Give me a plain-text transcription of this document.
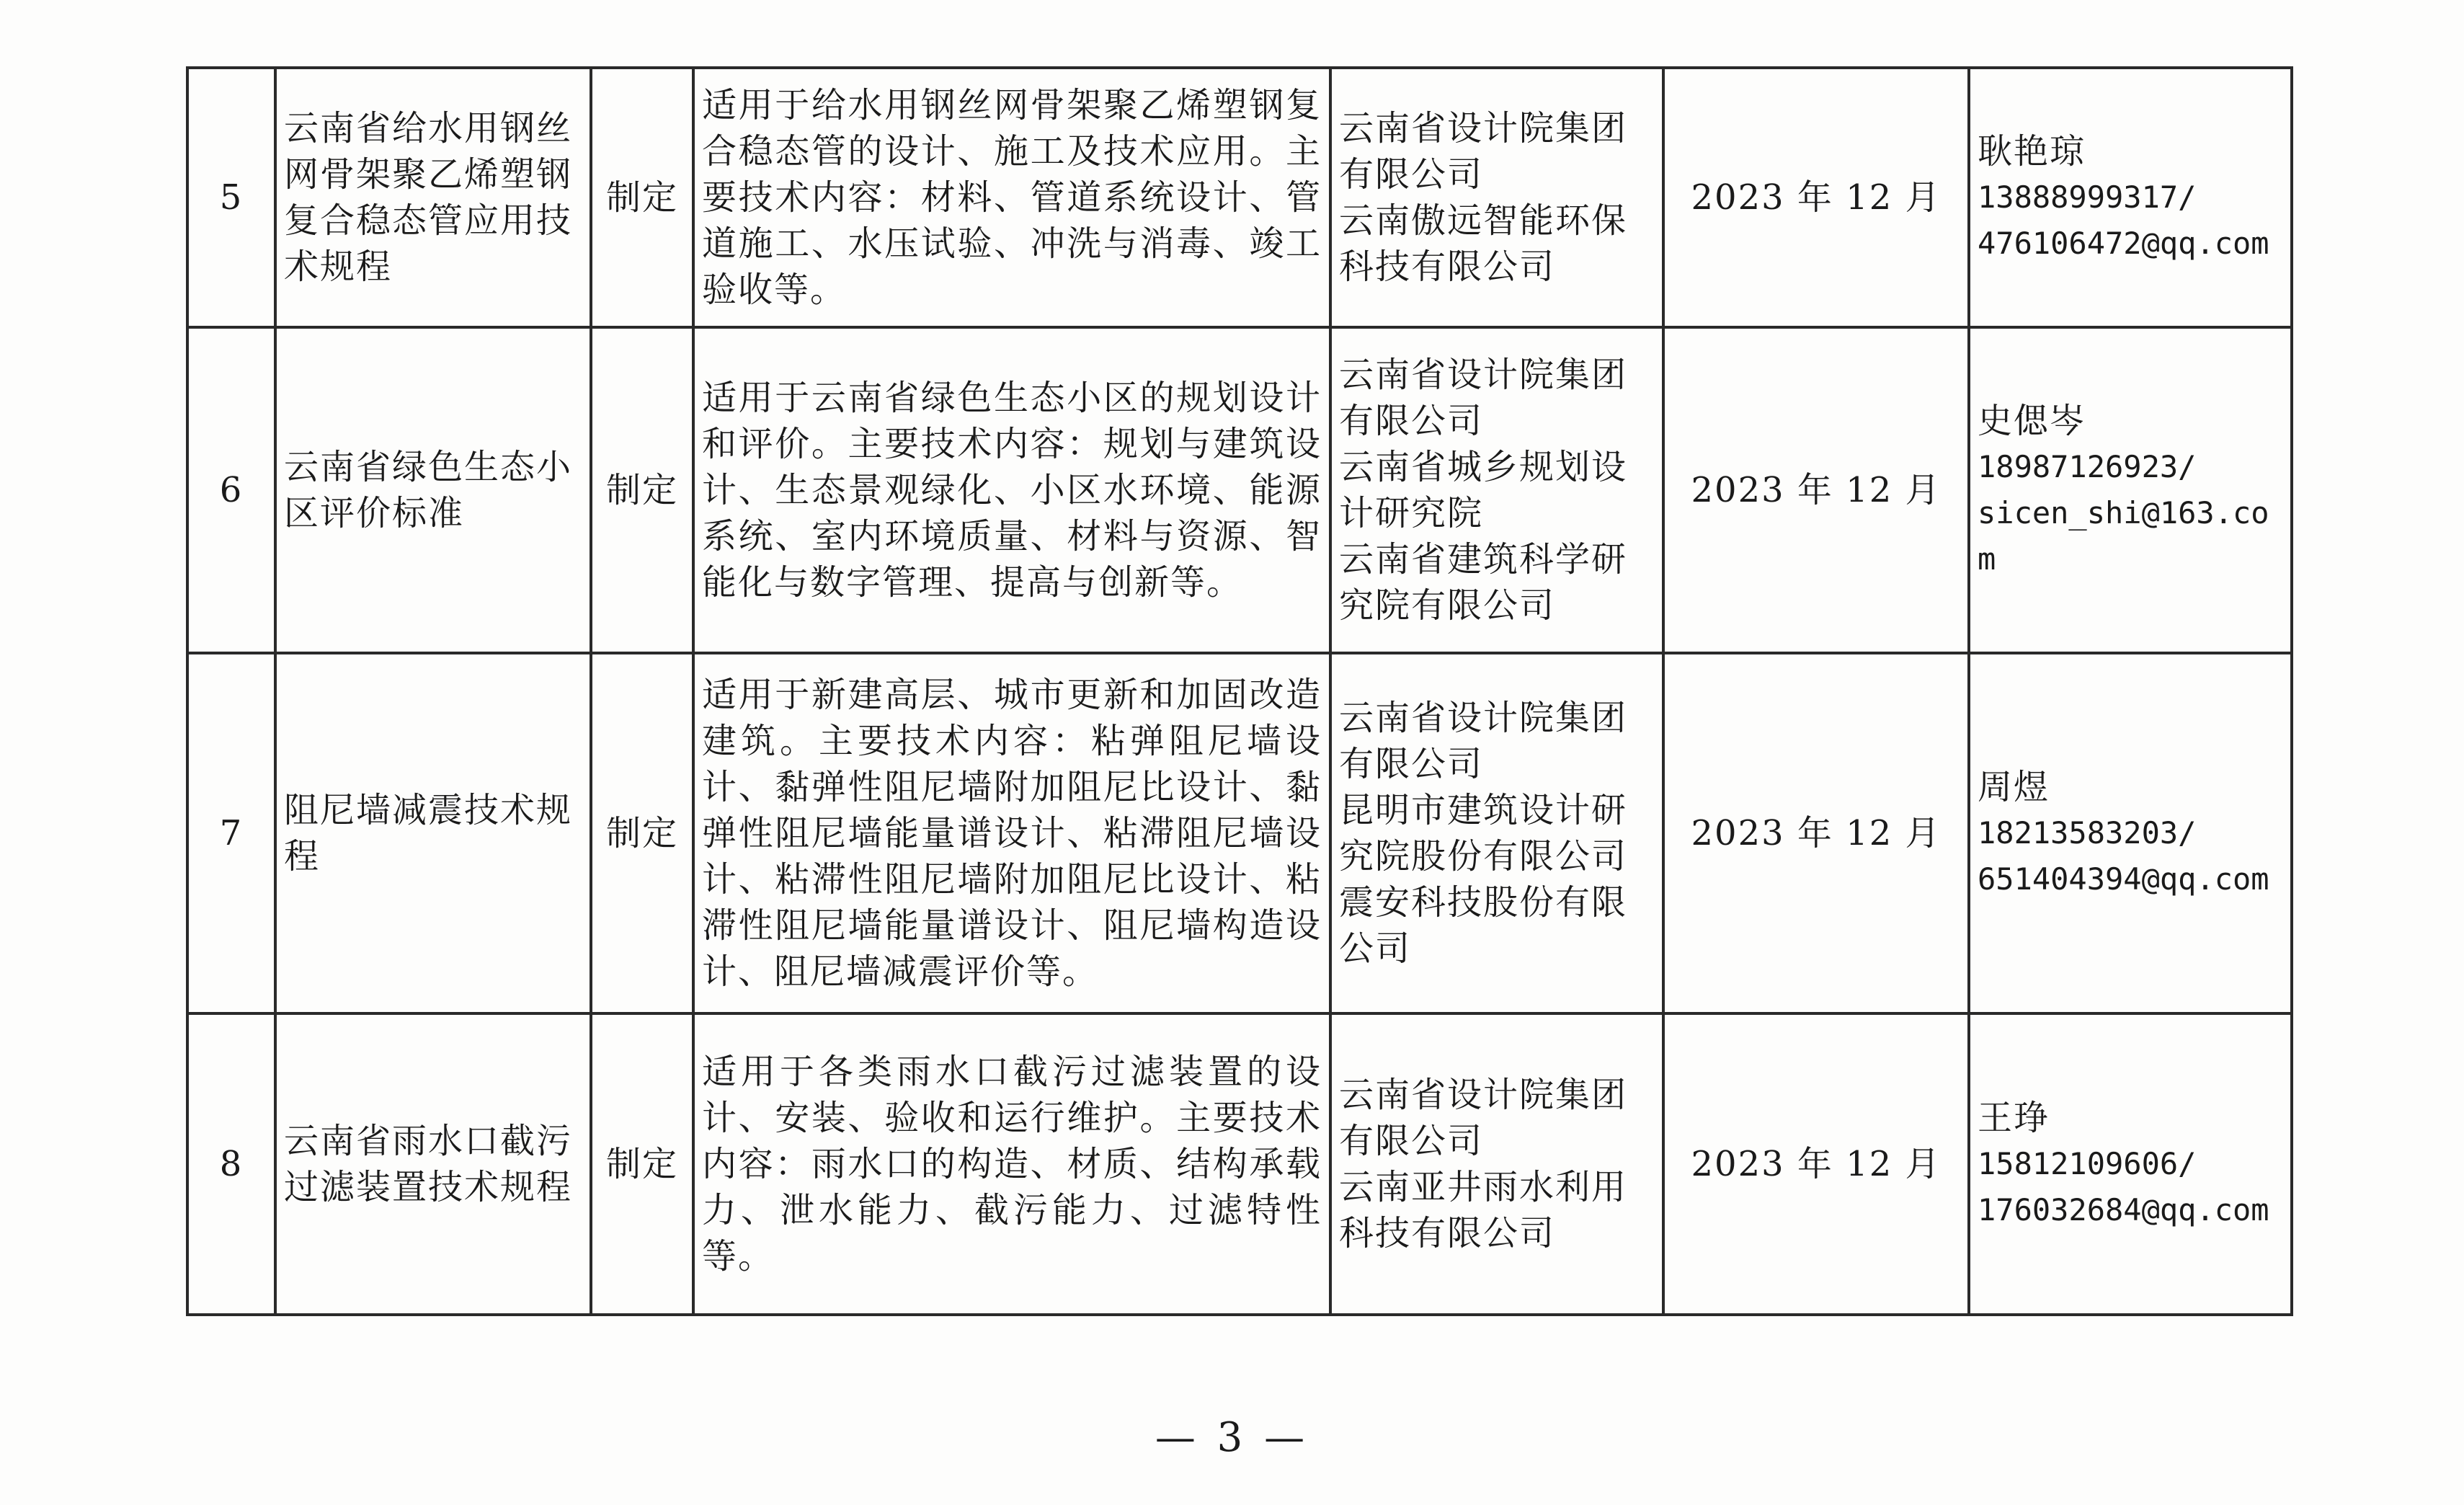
5	云南省给水用钢丝网骨架聚乙烯塑钢复合稳态管应用技术规程	制定	适用于给水用钢丝网骨架聚乙烯塑钢复合稳态管的设计、施工及技术应用。主要技术内容：材料、管道系统设计、管道施工、水压试验、冲洗与消毒、竣工验收等。	云南省设计院集团有限公司
云南傲远智能环保科技有限公司	2023 年 12 月	耿艳琼
13888999317/
476106472@qq.com

6	云南省绿色生态小区评价标准	制定	适用于云南省绿色生态小区的规划设计和评价。主要技术内容：规划与建筑设计、生态景观绿化、小区水环境、能源系统、室内环境质量、材料与资源、智能化与数字管理、提高与创新等。	云南省设计院集团有限公司
云南省城乡规划设计研究院
云南省建筑科学研究院有限公司	2023 年 12 月	史偲岑
18987126923/
sicen_shi@163.com

7	阻尼墙减震技术规程	制定	适用于新建高层、城市更新和加固改造建筑。主要技术内容：粘弹阻尼墙设计、黏弹性阻尼墙附加阻尼比设计、黏弹性阻尼墙能量谱设计、粘滞阻尼墙设计、粘滞性阻尼墙附加阻尼比设计、粘滞性阻尼墙能量谱设计、阻尼墙构造设计、阻尼墙减震评价等。	云南省设计院集团有限公司
昆明市建筑设计研究院股份有限公司
震安科技股份有限公司	2023 年 12 月	周煜
18213583203/
651404394@qq.com

8	云南省雨水口截污过滤装置技术规程	制定	适用于各类雨水口截污过滤装置的设计、安装、验收和运行维护。主要技术内容：雨水口的构造、材质、结构承载力、泄水能力、截污能力、过滤特性等。	云南省设计院集团有限公司
云南亚井雨水利用科技有限公司	2023 年 12 月	王琤
15812109606/
176032684@qq.com
— 3 —
